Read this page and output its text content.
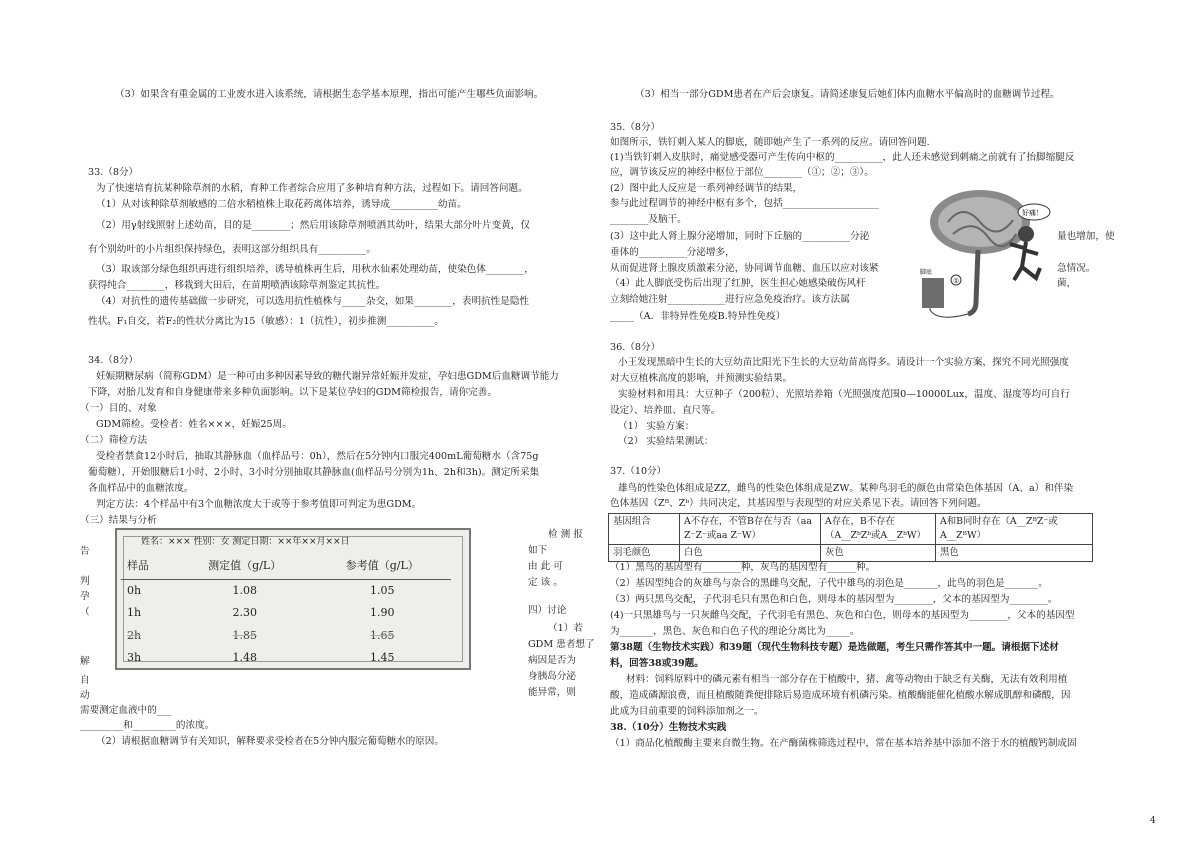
（3）如果含有重金属的工业废水进入该系统，请根据生态学基本原理，指出可能产生哪些负面影响。
33.（8分）
为了快速培育抗某种除草剂的水稻，育种工作者综合应用了多种培育种方法，过程如下。请回答问题。
（1）从对该种除草剂敏感的二倍水稻植株上取花药离体培养，诱导成__________幼苗。
（2）用γ射线照射上述幼苗，目的是________；然后用该除草剂喷洒其幼叶，结果大部分叶片变黄，仅
有个别幼叶的小片组织保持绿色，表明这部分组织具有__________。
（3）取该部分绿色组织再进行组织培养，诱导植株再生后，用秋水仙素处理幼苗，使染色体________，
获得纯合________，移栽到大田后，在苗期喷洒该除草剂鉴定其抗性。
（4）对抗性的遗传基础做一步研究，可以选用抗性植株与_____杂交，如果________，表明抗性是隐性
性状。F₁自交，若F₂的性状分离比为15（敏感）：1（抗性），初步推测__________。
34.（8分）
妊娠期糖尿病（简称GDM）是一种可由多种因素导致的糖代谢异常妊娠并发症，孕妇患GDM后血糖调节能力
下降，对胎儿发育和自身健康带来多种负面影响。以下是某位孕妇的GDM筛检报告，请你完善。
（一）目的、对象
GDM筛检。受检者：姓名×××，妊娠25周。
（二）筛检方法
受检者禁食12小时后，抽取其静脉血（血样品号：0h），然后在5分钟内口服完400mL葡萄糖水（含75g
葡萄糖），开始服糖后1小时、2小时、3小时分别抽取其静脉血(血样品号分别为1h、2h和3h)。测定所采集
各血样品中的血糖浓度。
判定方法：4个样品中有3个血糖浓度大于或等于参考值即可判定为患GDM。
（三）结果与分析
告
判
孕
（
解
自
动
检 测 报
如下
由 此 可
定 该 。
四）讨论
（1）若
GDM 患者想了
病因是否为
身胰岛分泌
能异常，则
姓名：××× 性别：女 测定日期：××年××月××日
样品	测定值（g/L）	参考值（g/L）
0h	1.08	1.05
1h	2.30	1.90
2h	1.85	1.65
3h	1.48	1.45
需要测定血液中的___
_________和_________的浓度。
（2）请根据血糖调节有关知识，解释要求受检者在5分钟内服完葡萄糖水的原因。
（3）相当一部分GDM患者在产后会康复。请简述康复后她们体内血糖水平偏高时的血糖调节过程。
35.（8分）
如图所示，铁钉刺入某人的脚底，随即她产生了一系列的反应。请回答问题.
(1)当铁钉刺入皮肤时，痛觉感受器可产生传向中枢的__________，此人还未感觉到刺痛之前就有了抬脚缩腿反
应，调节该反应的神经中枢位于部位________（①；②；③）。
(2）图中此人反应是一系列神经调节的结果，
参与此过程调节的神经中枢有多个，包括____________________
________及脑干。
(3）这中此人肾上腺分泌增加，同时下丘脑的__________分泌
垂体的__________分泌增多，
从而促进肾上腺皮质激素分泌，协同调节血糖、血压以应对该紧
量也增加，使
急情况。
（4）此人脚底受伤后出现了红肿，医生担心她感染破伤风杆
立刻给她注射____________进行应急免疫治疗。该方法属
菌，
_____（A．非特异性免疫B.特异性免疫）
①
脚底
好痛！
36.（8分）
小王发现黑暗中生长的大豆幼苗比阳光下生长的大豆幼苗高得多。请设计一个实验方案，探究不同光照强度
对大豆植株高度的影响，并预测实验结果。
实验材料和用具：大豆种子（200粒）、光照培养箱（光照强度范围0—10000Lux，温度、湿度等均可自行
设定）、培养皿、直尺等。
（1） 实验方案：
（2） 实验结果测试：
37.（10分）
雄鸟的性染色体组成是ZZ，雌鸟的性染色体组成是ZW。某种鸟羽毛的颜色由常染色体基因（A、a）和伴染
色体基因（Zᴮ、Zᵇ）共同决定，其基因型与表现型的对应关系见下表。请回答下列问题。
基因组合	A不存在，不管B存在与否（aa Z⁻Z⁻或aa Z⁻W）	A存在，B不存在（A__ZᵇZᵇ或A__ZᵇW）	A和B同时存在（A__ZᴮZ⁻或A__ZᴮW）
羽毛颜色	白色	灰色	黑色
（1）黑鸟的基因型有________种，灰鸟的基因型有______种。
（2）基因型纯合的灰雄鸟与杂合的黑雌鸟交配，子代中雄鸟的羽色是_______，此鸟的羽色是_______。
（3）两只黑鸟交配，子代羽毛只有黑色和白色，则母本的基因型为________，父本的基因型为________。
(4)一只黑雄鸟与一只灰雌鸟交配，子代羽毛有黑色、灰色和白色，则母本的基因型为________，父本的基因型
为_______，黑色、灰色和白色子代的理论分离比为_____。
第38题（生物技术实践）和39题（现代生物科技专题）是选做题，考生只需作答其中一题。请根据下述材
料，回答38或39题。
材料：饲料原料中的磷元素有相当一部分存在于植酸中，猪、禽等动物由于缺乏有关酶，无法有效利用植
酸，造成磷源浪费，而且植酸随粪便排除后易造成环境有机磷污染。植酸酶能催化植酸水解成肌醇和磷酸，因
此成为目前重要的饲料添加剂之一。
38.（10分）生物技术实践
（1）商品化植酸酶主要来自微生物。在产酶菌株筛选过程中，常在基本培养基中添加不溶于水的植酸钙制成固
4
